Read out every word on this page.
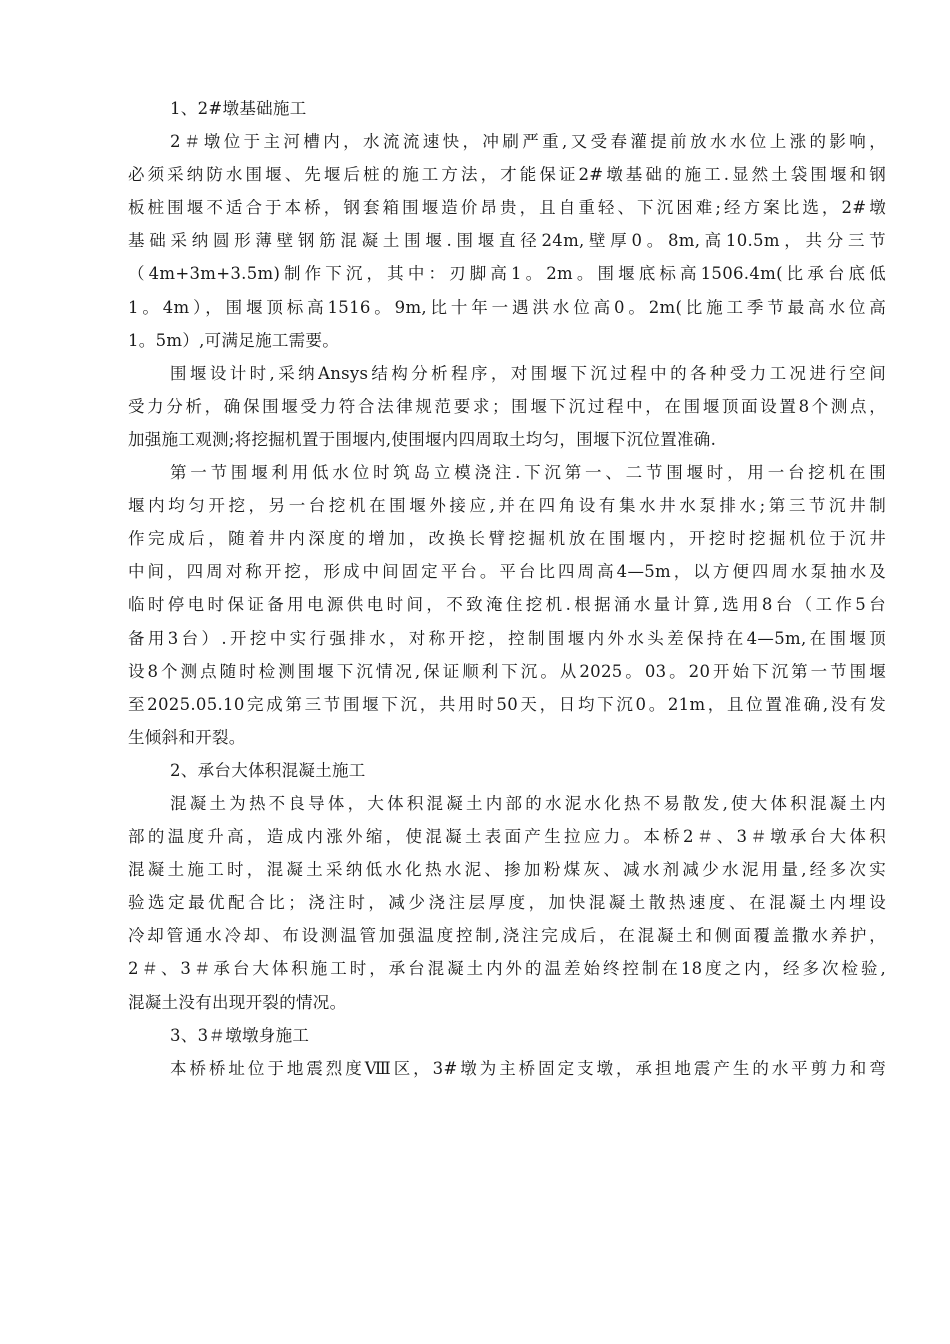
1、2#墩基础施工
2＃墩位于主河槽内，水流流速快，冲刷严重,又受春灌提前放水水位上涨的影响，
必须采纳防水围堰、先堰后桩的施工方法，才能保证2#墩基础的施工.显然土袋围堰和钢
板桩围堰不适合于本桥，钢套箱围堰造价昂贵，且自重轻、下沉困难;经方案比选，2#墩
基础采纳圆形薄壁钢筋混凝土围堰.围堰直径24m,壁厚0。8m,高10.5m，共分三节
（4m+3m+3.5m)制作下沉，其中：刃脚高1。2m。围堰底标高1506.4m(比承台底低
1。4m），围堰顶标高1516。9m,比十年一遇洪水位高0。2m(比施工季节最高水位高
1。5m）,可满足施工需要。
围堰设计时,采纳Ansys结构分析程序，对围堰下沉过程中的各种受力工况进行空间
受力分析，确保围堰受力符合法律规范要求；围堰下沉过程中，在围堰顶面设置8个测点，
加强施工观测;将挖掘机置于围堰内,使围堰内四周取土均匀，围堰下沉位置准确.
第一节围堰利用低水位时筑岛立模浇注.下沉第一、二节围堰时，用一台挖机在围
堰内均匀开挖，另一台挖机在围堰外接应,并在四角设有集水井水泵排水;第三节沉井制
作完成后，随着井内深度的增加，改换长臂挖掘机放在围堰内，开挖时挖掘机位于沉井
中间，四周对称开挖，形成中间固定平台。平台比四周高4—5m，以方便四周水泵抽水及
临时停电时保证备用电源供电时间，不致淹住挖机.根据涌水量计算,选用8台（工作5台
备用3台）.开挖中实行强排水，对称开挖，控制围堰内外水头差保持在4—5m,在围堰顶
设8个测点随时检测围堰下沉情况,保证顺利下沉。从2025。03。20开始下沉第一节围堰
至2025.05.10完成第三节围堰下沉，共用时50天，日均下沉0。21m，且位置准确,没有发
生倾斜和开裂。
2、承台大体积混凝土施工
混凝土为热不良导体，大体积混凝土内部的水泥水化热不易散发,使大体积混凝土内
部的温度升高，造成内涨外缩，使混凝土表面产生拉应力。本桥2＃、3＃墩承台大体积
混凝土施工时，混凝土采纳低水化热水泥、掺加粉煤灰、减水剂减少水泥用量,经多次实
验选定最优配合比；浇注时，减少浇注层厚度，加快混凝土散热速度、在混凝土内埋设
冷却管通水冷却、布设测温管加强温度控制,浇注完成后，在混凝土和侧面覆盖撒水养护，
2＃、3＃承台大体积施工时，承台混凝土内外的温差始终控制在18度之内，经多次检验,
混凝土没有出现开裂的情况。
3、3＃墩墩身施工
本桥桥址位于地震烈度Ⅷ区，3#墩为主桥固定支墩，承担地震产生的水平剪力和弯
